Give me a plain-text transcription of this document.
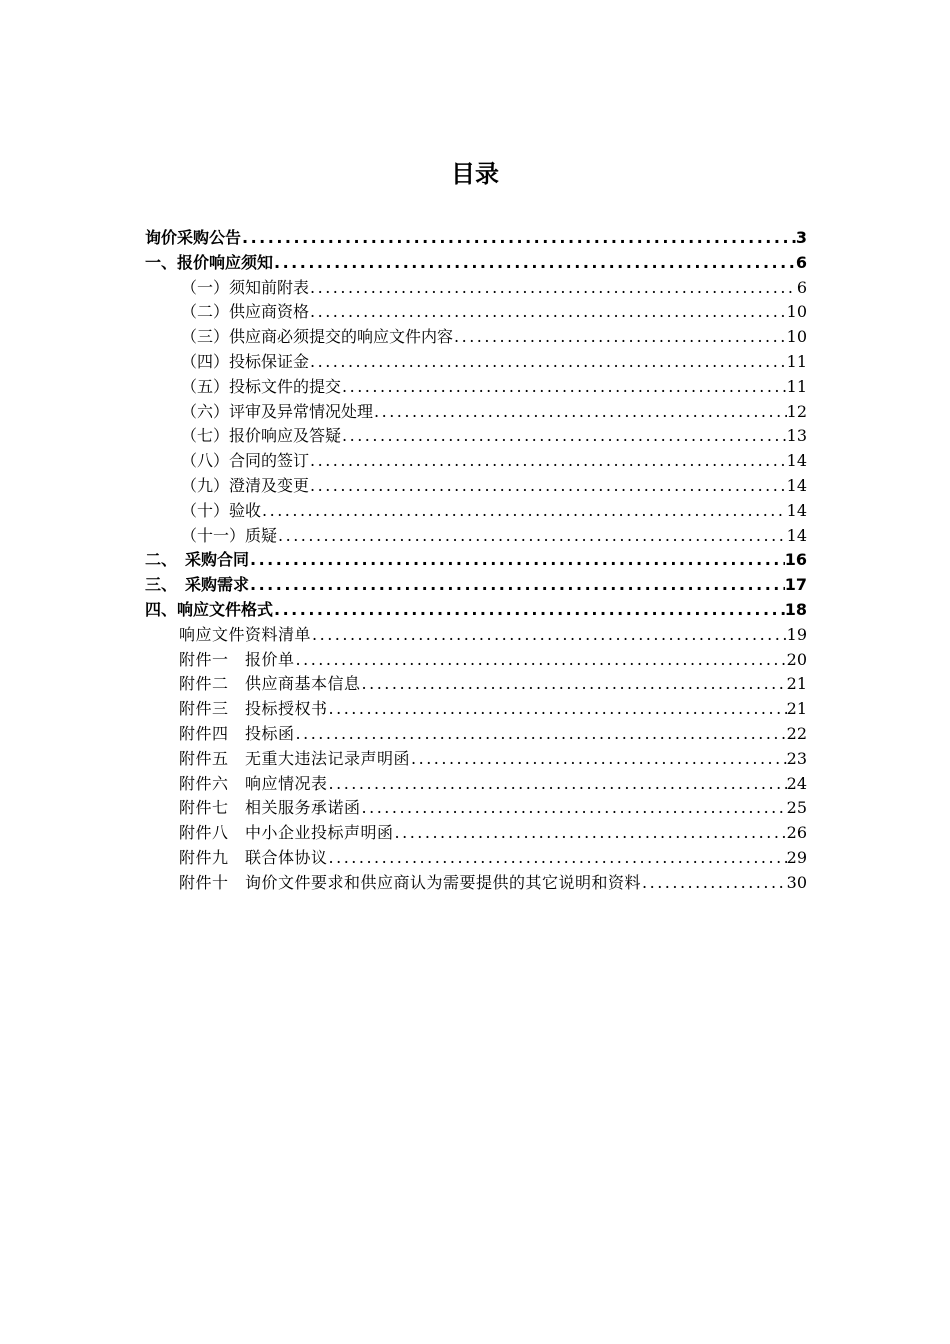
目录
询价采购公告 .....	3
一、报价响应须知 .....	6
（一）须知前附表 .....	6
（二）供应商资格 .....	10
（三）供应商必须提交的响应文件内容 .....	10
（四）投标保证金 .....	11
（五）投标文件的提交 .....	11
（六）评审及异常情况处理 .....	12
（七）报价响应及答疑 .....	13
（八）合同的签订 .....	14
（九）澄清及变更 .....	14
（十）验收 .....	14
（十一）质疑 .....	14
二、　采购合同 .....	16
三、　采购需求 .....	17
四、响应文件格式 .....	18
响应文件资料清单 .....	19
附件一　报价单 .....	20
附件二　供应商基本信息 .....	21
附件三　投标授权书 .....	21
附件四　投标函 .....	22
附件五　无重大违法记录声明函 .....	23
附件六　响应情况表 .....	24
附件七　相关服务承诺函 .....	25
附件八　中小企业投标声明函 .....	26
附件九　联合体协议 .....	29
附件十　询价文件要求和供应商认为需要提供的其它说明和资料 .....	30
